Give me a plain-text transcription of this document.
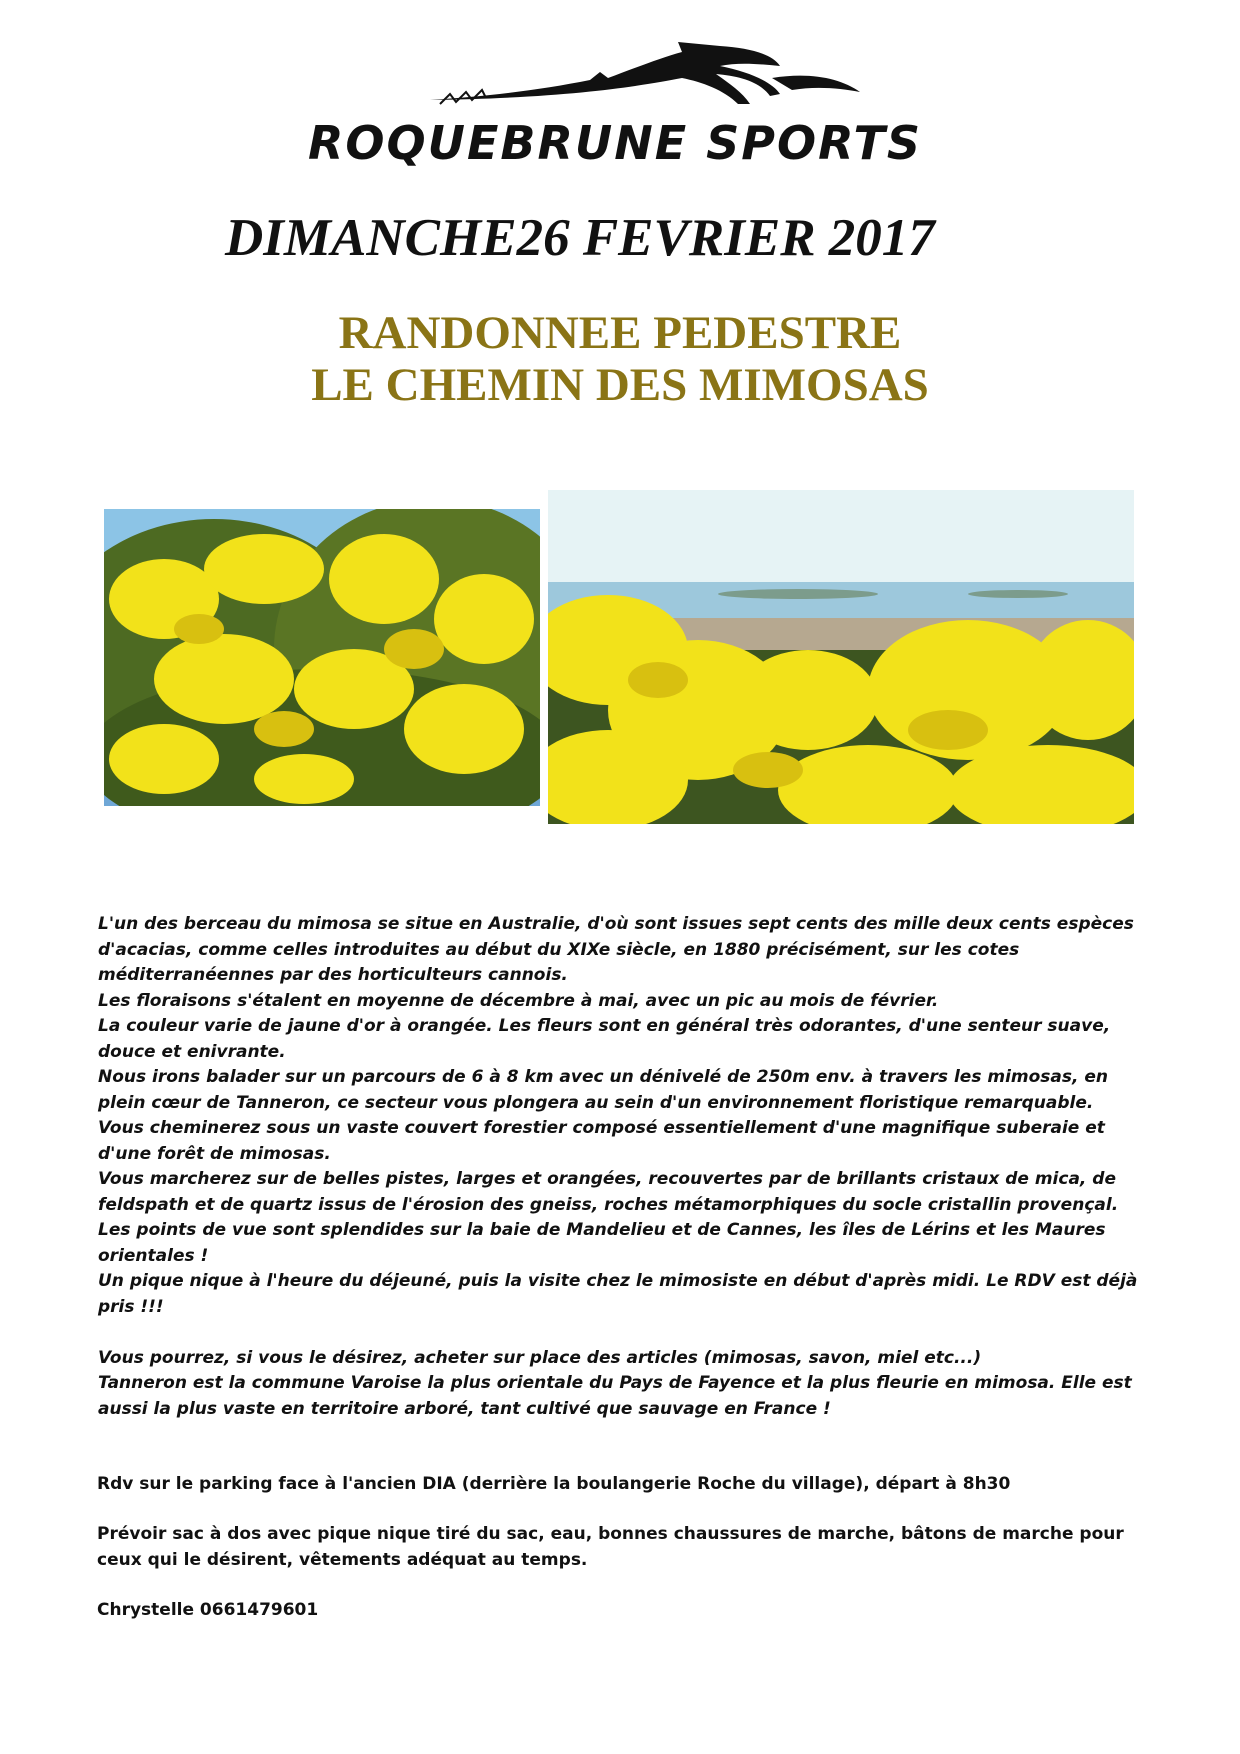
ROQUEBRUNE SPORTS
DIMANCHE26 FEVRIER 2017
RANDONNEE PEDESTRE
LE CHEMIN DES MIMOSAS

L'un des berceau du mimosa se situe en Australie, d'où sont issues sept cents des mille deux cents espèces d'acacias, comme celles introduites au début du XIXe siècle, en 1880 précisément, sur les cotes méditerranéennes par des horticulteurs cannois.

Les floraisons s'étalent en moyenne de décembre à mai, avec un pic au mois de février.

La couleur varie de jaune d'or à orangée. Les fleurs sont en général très odorantes, d'une senteur suave, douce et enivrante.

Nous irons balader sur un parcours de 6 à 8 km avec un dénivelé de 250m env. à travers les mimosas, en plein cœur de Tanneron, ce secteur vous plongera au sein d'un environnement floristique remarquable.

Vous cheminerez sous un vaste couvert forestier composé essentiellement d'une magnifique suberaie et d'une forêt de mimosas.

Vous marcherez sur de belles pistes, larges et orangées, recouvertes par de brillants cristaux de mica, de feldspath et de quartz issus de l'érosion des gneiss, roches métamorphiques du socle cristallin provençal. Les points de vue sont splendides sur la baie de Mandelieu et de Cannes, les îles de Lérins et les Maures orientales !

Un pique nique à l'heure du déjeuné, puis la visite chez le mimosiste en début d'après midi. Le RDV est déjà pris !!!

Vous pourrez, si vous le désirez, acheter sur place des articles (mimosas, savon, miel etc...)

Tanneron est la commune Varoise la plus orientale du Pays de Fayence et la plus fleurie en mimosa. Elle est aussi la plus vaste en territoire arboré, tant cultivé que sauvage en France !

Rdv sur le parking face à l'ancien DIA (derrière la boulangerie Roche du village), départ à 8h30
Prévoir sac à dos avec pique nique tiré du sac, eau, bonnes chaussures de marche, bâtons de marche pour ceux qui le désirent, vêtements adéquat au temps.
Chrystelle 0661479601
